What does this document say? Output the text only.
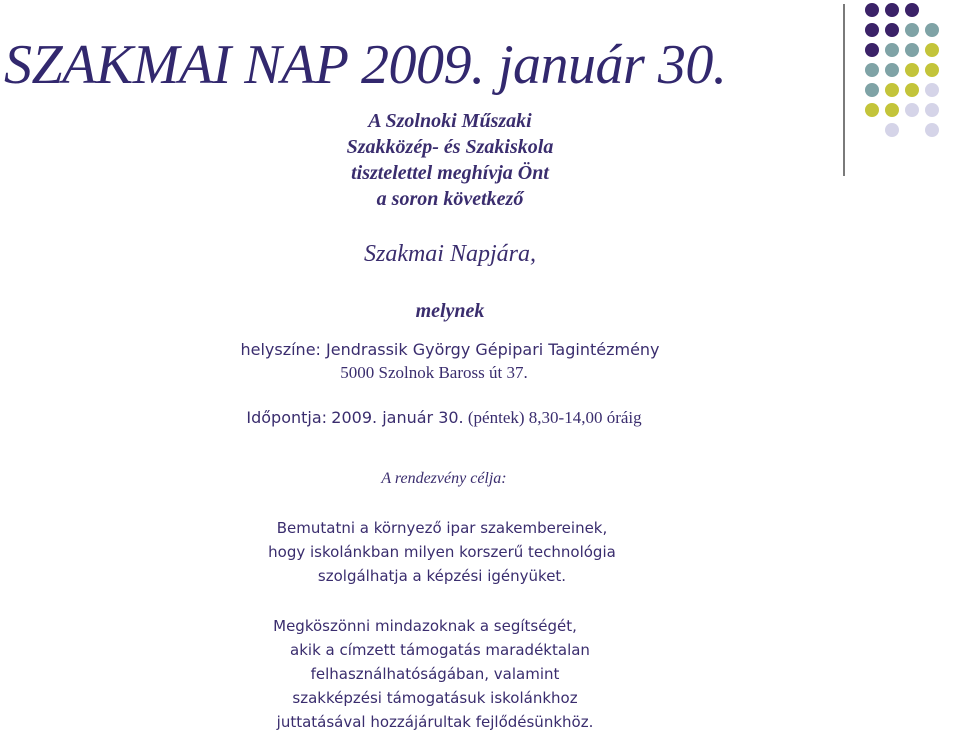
SZAKMAI NAP 2009. január 30.

A Szolnoki Műszaki
Szakközép- és Szakiskola
tisztelettel meghívja Önt
a soron következő

Szakmai Napjára,

melynek

helyszíne: Jendrassik György Gépipari Tagintézmény

5000 Szolnok Baross út 37.

Időpontja: 2009. január 30. (péntek) 8,30-14,00 óráig

A rendezvény célja:

Bemutatni a környező ipar szakembereinek,
hogy iskolánkban milyen korszerű technológia
szolgálhatja a képzési igényüket.

Megköszönni mindazoknak a segítségét,
akik a címzett támogatás maradéktalan
felhasználhatóságában, valamint
szakképzési támogatásuk iskolánkhoz
juttatásával hozzájárultak fejlődésünkhöz.
